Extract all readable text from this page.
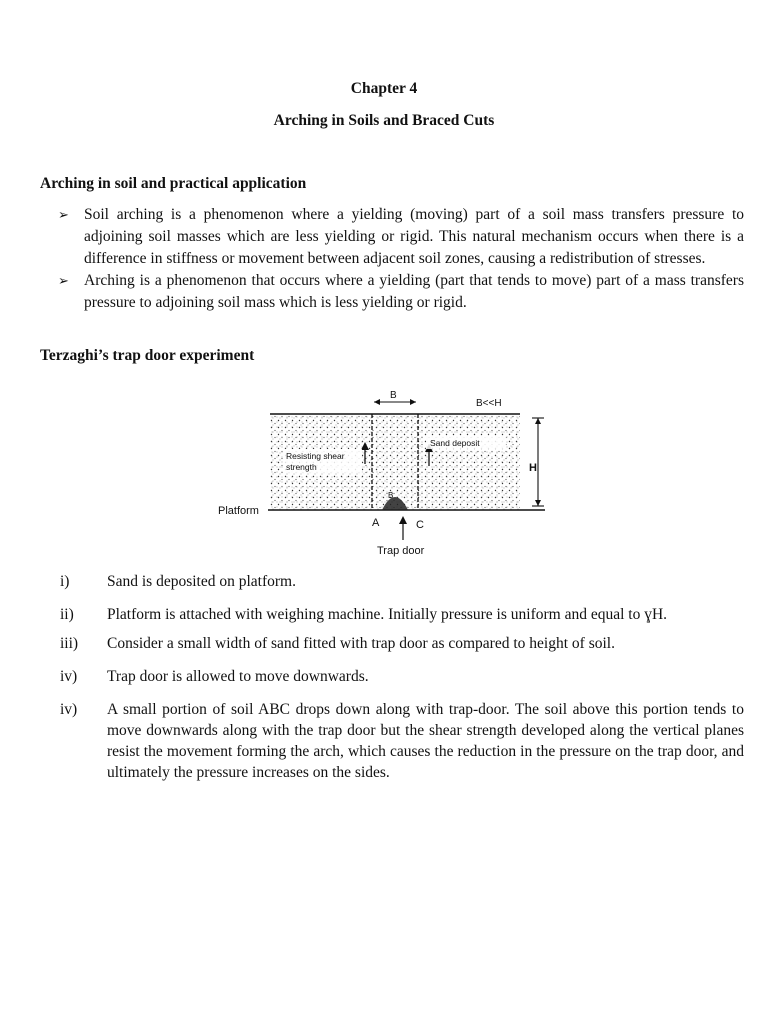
Chapter 4
Arching in Soils and Braced Cuts
Arching in soil and practical application
➢ Soil arching is a phenomenon where a yielding (moving) part of a soil mass transfers pressure to adjoining soil masses which are less yielding or rigid. This natural mechanism occurs when there is a difference in stiffness or movement between adjacent soil zones, causing a redistribution of stresses.
➢ Arching is a phenomenon that occurs where a yielding (part that tends to move) part of a mass transfers pressure to adjoining soil mass which is less yielding or rigid.
Terzaghi’s trap door experiment
B
B<<H
H
Sand deposit
Resisting shear
strength
Platform
A	C
B
Trap door
i) Sand is deposited on platform.
ii) Platform is attached with weighing machine. Initially pressure is uniform and equal to ɣH.
iii) Consider a small width of sand fitted with trap door as compared to height of soil.
iv) Trap door is allowed to move downwards.
iv) A small portion of soil ABC drops down along with trap-door. The soil above this portion tends to move downwards along with the trap door but the shear strength developed along the vertical planes resist the movement forming the arch, which causes the reduction in the pressure on the trap door, and ultimately the pressure increases on the sides.
